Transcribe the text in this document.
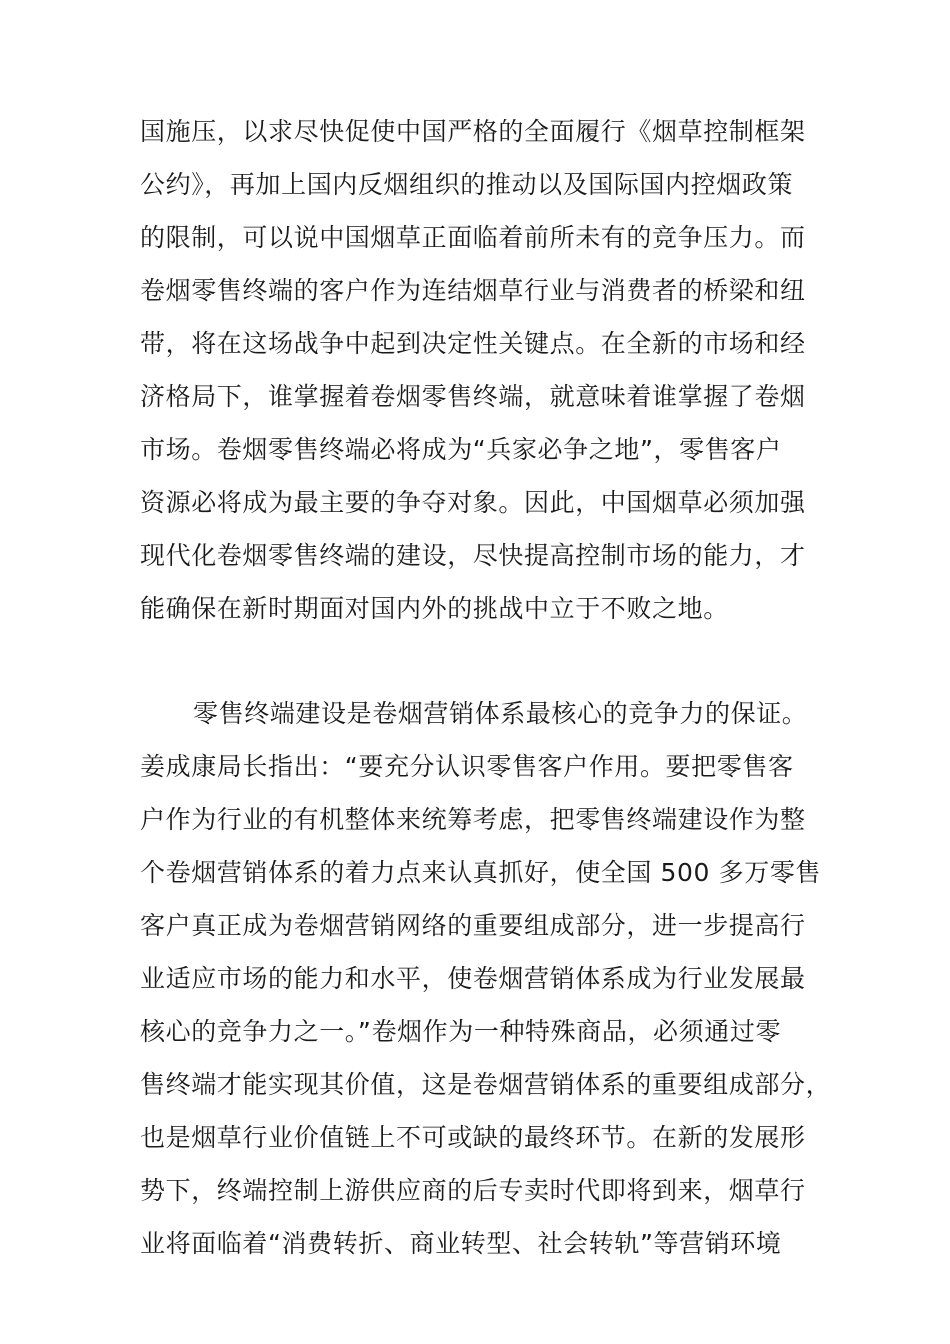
国施压，以求尽快促使中国严格的全面履行《烟草控制框架
公约》，再加上国内反烟组织的推动以及国际国内控烟政策
的限制，可以说中国烟草正面临着前所未有的竞争压力。而
卷烟零售终端的客户作为连结烟草行业与消费者的桥梁和纽
带，将在这场战争中起到决定性关键点。在全新的市场和经
济格局下，谁掌握着卷烟零售终端，就意味着谁掌握了卷烟
市场。卷烟零售终端必将成为“兵家必争之地”，零售客户
资源必将成为最主要的争夺对象。因此，中国烟草必须加强
现代化卷烟零售终端的建设，尽快提高控制市场的能力，才
能确保在新时期面对国内外的挑战中立于不败之地。
零售终端建设是卷烟营销体系最核心的竞争力的保证。
姜成康局长指出：“要充分认识零售客户作用。要把零售客
户作为行业的有机整体来统筹考虑，把零售终端建设作为整
个卷烟营销体系的着力点来认真抓好，使全国 500 多万零售
客户真正成为卷烟营销网络的重要组成部分，进一步提高行
业适应市场的能力和水平，使卷烟营销体系成为行业发展最
核心的竞争力之一。”卷烟作为一种特殊商品，必须通过零
售终端才能实现其价值，这是卷烟营销体系的重要组成部分，
也是烟草行业价值链上不可或缺的最终环节。在新的发展形
势下，终端控制上游供应商的后专卖时代即将到来，烟草行
业将面临着“消费转折、商业转型、社会转轨”等营销环境
